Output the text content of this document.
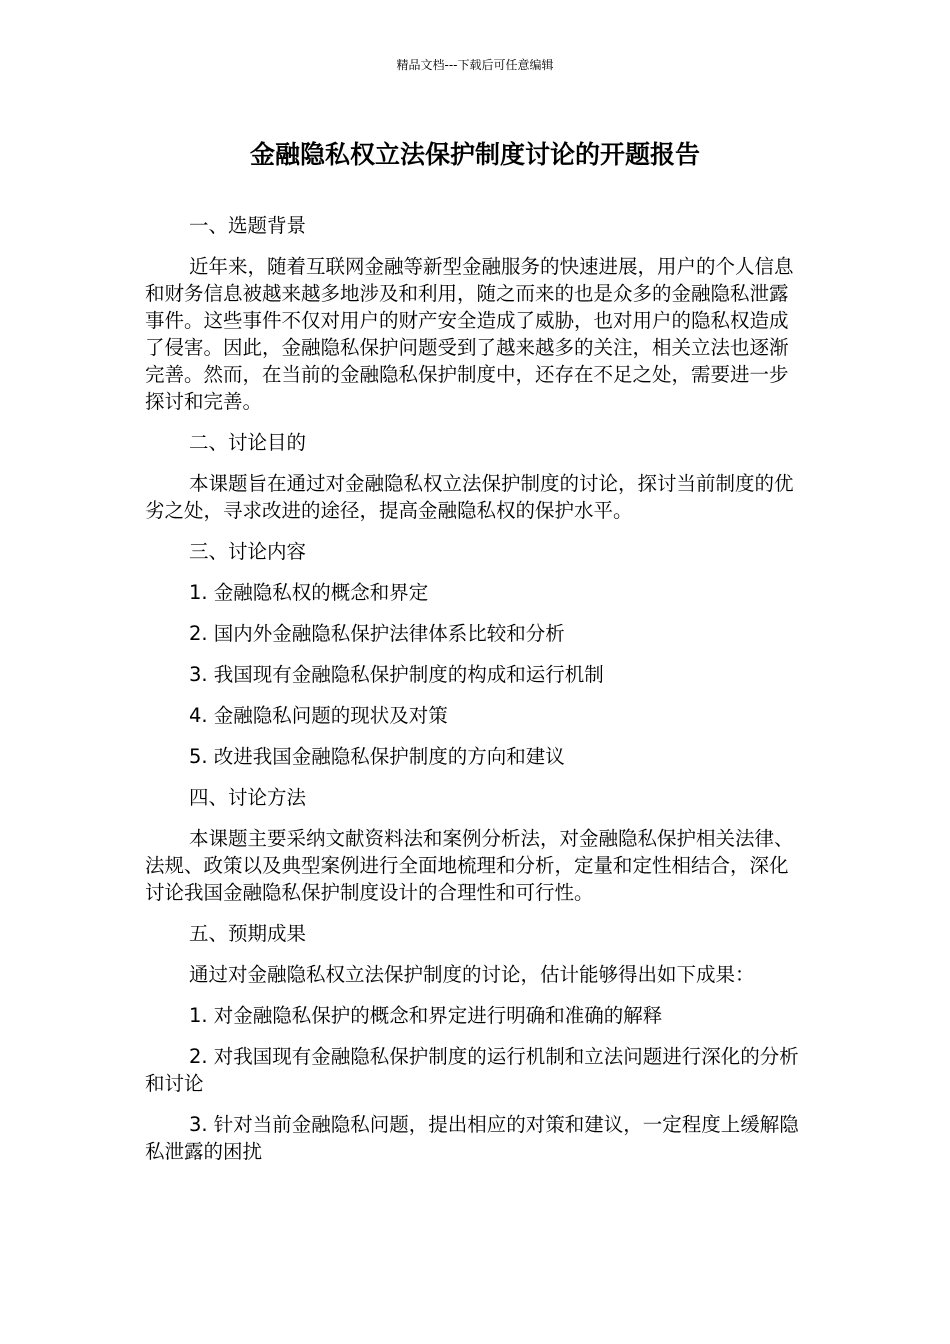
精品文档---下载后可任意编辑
金融隐私权立法保护制度讨论的开题报告

一、选题背景

近年来，随着互联网金融等新型金融服务的快速进展，用户的个人信息和财务信息被越来越多地涉及和利用，随之而来的也是众多的金融隐私泄露事件。这些事件不仅对用户的财产安全造成了威胁，也对用户的隐私权造成了侵害。因此，金融隐私保护问题受到了越来越多的关注，相关立法也逐渐完善。然而，在当前的金融隐私保护制度中，还存在不足之处，需要进一步探讨和完善。

二、讨论目的

本课题旨在通过对金融隐私权立法保护制度的讨论，探讨当前制度的优劣之处，寻求改进的途径，提高金融隐私权的保护水平。

三、讨论内容

1. 金融隐私权的概念和界定

2. 国内外金融隐私保护法律体系比较和分析

3. 我国现有金融隐私保护制度的构成和运行机制

4. 金融隐私问题的现状及对策

5. 改进我国金融隐私保护制度的方向和建议

四、讨论方法

本课题主要采纳文献资料法和案例分析法，对金融隐私保护相关法律、法规、政策以及典型案例进行全面地梳理和分析，定量和定性相结合，深化讨论我国金融隐私保护制度设计的合理性和可行性。

五、预期成果

通过对金融隐私权立法保护制度的讨论，估计能够得出如下成果：

1. 对金融隐私保护的概念和界定进行明确和准确的解释

2. 对我国现有金融隐私保护制度的运行机制和立法问题进行深化的分析和讨论

3. 针对当前金融隐私问题，提出相应的对策和建议，一定程度上缓解隐私泄露的困扰
